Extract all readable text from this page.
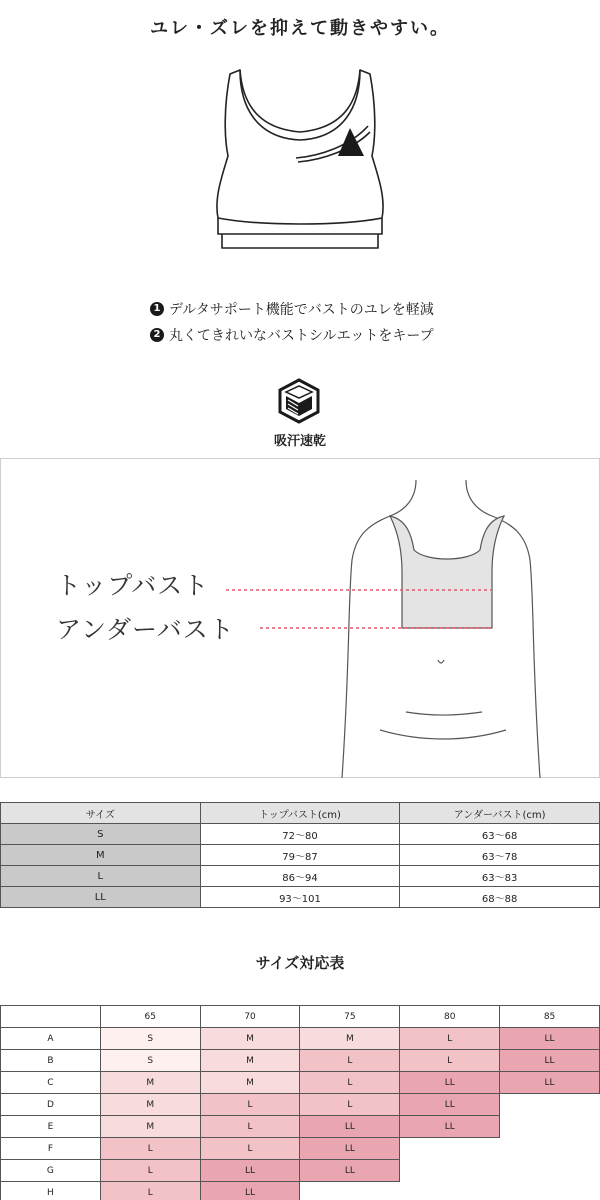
ユレ・ズレを抑えて動きやすい。
1 デルタサポート機能でバストのユレを軽減
2 丸くてきれいなバストシルエットをキープ
吸汗速乾
トップバスト
アンダーバスト
サイズ	トップバスト(cm)	アンダーバスト(cm)
S	72〜80	63〜68
M	79〜87	63〜78
L	86〜94	63〜83
LL	93〜101	68〜88
サイズ対応表
	65	70	75	80	85
A	S	M	M	L	LL
B	S	M	L	L	LL
C	M	M	L	LL	LL
D	M	L	L	LL	
E	M	L	LL	LL	
F	L	L	LL		
G	L	LL	LL		
H	L	LL			
